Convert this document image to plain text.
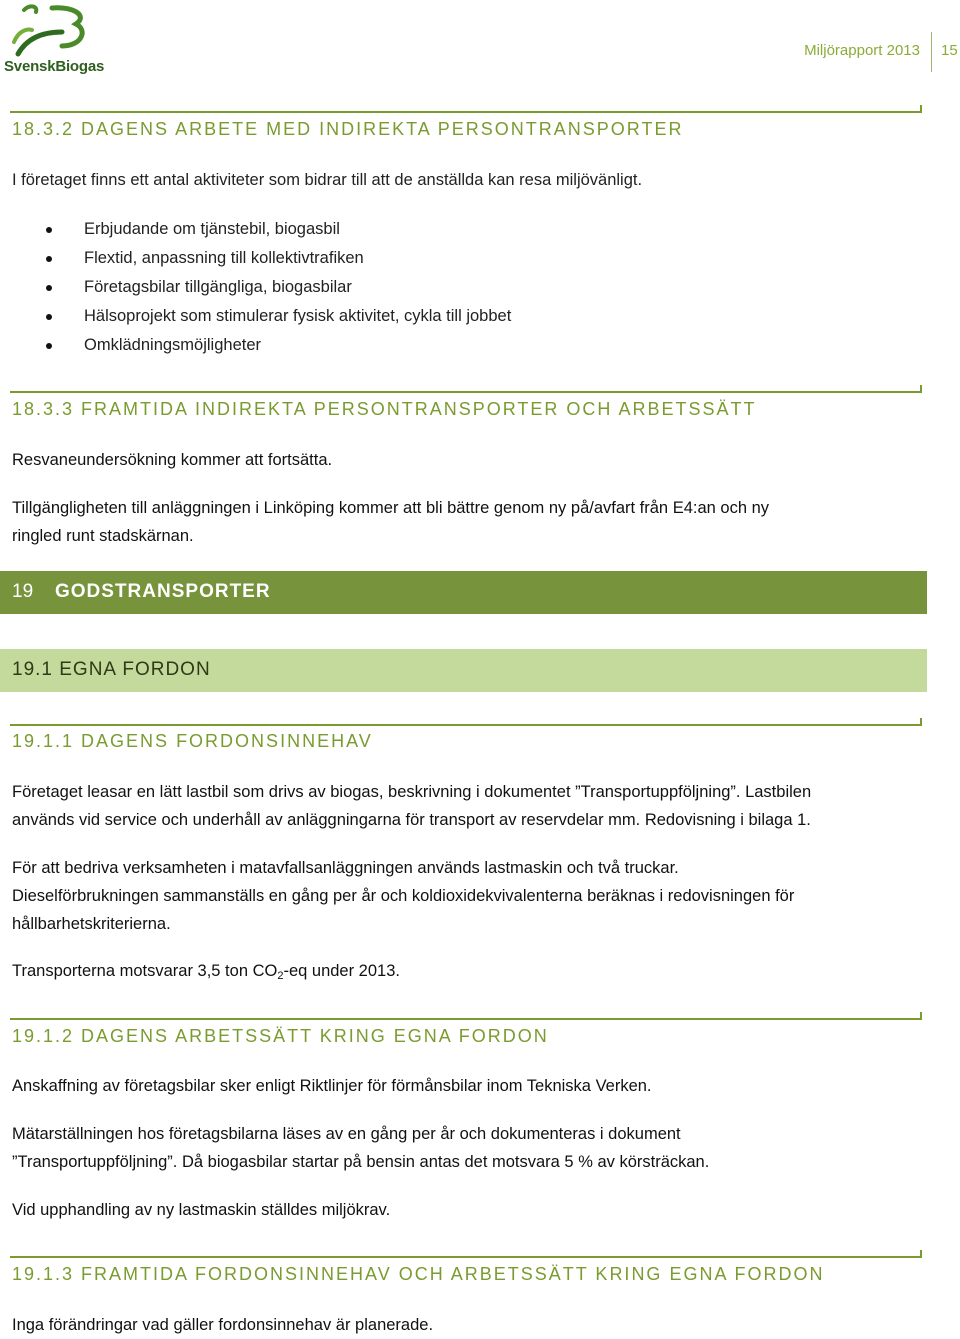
SvenskBiogas
Miljörapport 2013 15
18.3.2 DAGENS ARBETE MED INDIREKTA PERSONTRANSPORTER
I företaget finns ett antal aktiviteter som bidrar till att de anställda kan resa miljövänligt.
Erbjudande om tjänstebil, biogasbil
Flextid, anpassning till kollektivtrafiken
Företagsbilar tillgängliga, biogasbilar
Hälsoprojekt som stimulerar fysisk aktivitet, cykla till jobbet
Omklädningsmöjligheter
18.3.3 FRAMTIDA INDIREKTA PERSONTRANSPORTER OCH ARBETSSÄTT
Resvaneundersökning kommer att fortsätta.
Tillgängligheten till anläggningen i Linköping kommer att bli bättre genom ny på/avfart från E4:an och ny
ringled runt stadskärnan.
19 GODSTRANSPORTER
19.1 EGNA FORDON
19.1.1 DAGENS FORDONSINNEHAV
Företaget leasar en lätt lastbil som drivs av biogas, beskrivning i dokumentet ”Transportuppföljning”. Lastbilen
används vid service och underhåll av anläggningarna för transport av reservdelar mm. Redovisning i bilaga 1.
För att bedriva verksamheten i matavfallsanläggningen används lastmaskin och två truckar.
Dieselförbrukningen sammanställs en gång per år och koldioxidekvivalenterna beräknas i redovisningen för
hållbarhetskriterierna.
Transporterna motsvarar 3,5 ton $CO_2-eq$ under 2013.
19.1.2 DAGENS ARBETSSÄTT KRING EGNA FORDON
Anskaffning av företagsbilar sker enligt Riktlinjer för förmånsbilar inom Tekniska Verken.
Mätarställningen hos företagsbilarna läses av en gång per år och dokumenteras i dokument
”Transportuppföljning”. Då biogasbilar startar på bensin antas det motsvara 5 % av körsträckan.
Vid upphandling av ny lastmaskin ställdes miljökrav.
19.1.3 FRAMTIDA FORDONSINNEHAV OCH ARBETSSÄTT KRING EGNA FORDON
Inga förändringar vad gäller fordonsinnehav är planerade.
